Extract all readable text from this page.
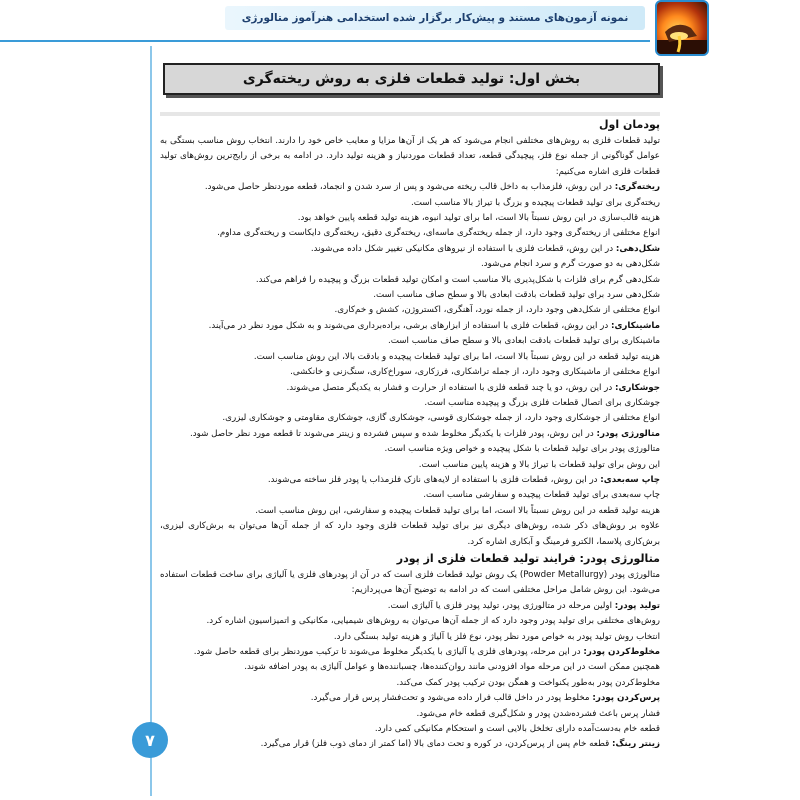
نمونه آزمون‌های مستند و پیش‌کار برگزار شده استخدامی هنرآموز متالورژی
۷
بخش اول: تولید قطعات فلزی به روش ریخته‌گری
پودمان اول

تولید قطعات فلزی به روش‌های مختلفی انجام می‌شود که هر یک از آن‌ها مزایا و معایب خاص خود را دارند. انتخاب روش مناسب بستگی به عوامل گوناگونی از جمله نوع فلز، پیچیدگی قطعه، تعداد قطعات موردنیاز و هزینه تولید دارد. در ادامه به برخی از رایج‌ترین روش‌های تولید قطعات فلزی اشاره می‌کنیم:

ریخته‌گری: در این روش، فلزمذاب به داخل قالب ریخته می‌شود و پس از سرد شدن و انجماد، قطعه موردنظر حاصل می‌شود.

ریخته‌گری برای تولید قطعات پیچیده و بزرگ با تیراژ بالا مناسب است.

هزینه قالب‌سازی در این روش نسبتاً بالا است، اما برای تولید انبوه، هزینه تولید قطعه پایین خواهد بود.

انواع مختلفی از ریخته‌گری وجود دارد، از جمله ریخته‌گری ماسه‌ای، ریخته‌گری دقیق، ریخته‌گری دایکاست و ریخته‌گری مداوم.

شکل‌دهی: در این روش، قطعات فلزی با استفاده از نیروهای مکانیکی تغییر شکل داده می‌شوند.

شکل‌دهی به دو صورت گرم و سرد انجام می‌شود.

شکل‌دهی گرم برای فلزات با شکل‌پذیری بالا مناسب است و امکان تولید قطعات بزرگ و پیچیده را فراهم می‌کند.

شکل‌دهی سرد برای تولید قطعات بادقت ابعادی بالا و سطح صاف مناسب است.

انواع مختلفی از شکل‌دهی وجود دارد، از جمله نورد، آهنگری، اکستروژن، کشش و خم‌کاری.

ماشینکاری: در این روش، قطعات فلزی با استفاده از ابزارهای برشی، براده‌برداری می‌شوند و به شکل مورد نظر در می‌آیند.

ماشینکاری برای تولید قطعات بادقت ابعادی بالا و سطح صاف مناسب است.

هزینه تولید قطعه در این روش نسبتاً بالا است، اما برای تولید قطعات پیچیده و بادقت بالا، این روش مناسب است.

انواع مختلفی از ماشینکاری وجود دارد، از جمله تراشکاری، فرزکاری، سوراخ‌کاری، سنگ‌زنی و خانکشی.

جوشکاری: در این روش، دو یا چند قطعه فلزی با استفاده از حرارت و فشار به یکدیگر متصل می‌شوند.

جوشکاری برای اتصال قطعات فلزی بزرگ و پیچیده مناسب است.

انواع مختلفی از جوشکاری وجود دارد، از جمله جوشکاری قوسی، جوشکاری گازی، جوشکاری مقاومتی و جوشکاری لیزری.

متالورژی پودر: در این روش، پودر فلزات با یکدیگر مخلوط شده و سپس فشرده و زینتر می‌شوند تا قطعه مورد نظر حاصل شود.

متالورژی پودر برای تولید قطعات با شکل پیچیده و خواص ویژه مناسب است.

این روش برای تولید قطعات با تیراژ بالا و هزینه پایین مناسب است.

چاپ سه‌بعدی: در این روش، قطعات فلزی با استفاده از لایه‌های نازک فلزمذاب یا پودر فلز ساخته می‌شوند.

چاپ سه‌بعدی برای تولید قطعات پیچیده و سفارشی مناسب است.

هزینه تولید قطعه در این روش نسبتاً بالا است، اما برای تولید قطعات پیچیده و سفارشی، این روش مناسب است.

علاوه بر روش‌های ذکر شده، روش‌های دیگری نیز برای تولید قطعات فلزی وجود دارد که از جمله آن‌ها می‌توان به برش‌کاری لیزری، برش‌کاری پلاسما، الکترو فرمینگ و آبکاری اشاره کرد.

متالورژی پودر: فرایند تولید قطعات فلزی از پودر

متالورژی پودر (Powder Metallurgy) یک روش تولید قطعات فلزی است که در آن از پودرهای فلزی یا آلیاژی برای ساخت قطعات استفاده می‌شود. این روش شامل مراحل مختلفی است که در ادامه به توضیح آن‌ها می‌پردازیم:

تولید پودر: اولین مرحله در متالورژی پودر، تولید پودر فلزی یا آلیاژی است.

روش‌های مختلفی برای تولید پودر وجود دارد که از جمله آن‌ها می‌توان به روش‌های شیمیایی، مکانیکی و اتمیزاسیون اشاره کرد.

انتخاب روش تولید پودر به خواص مورد نظر پودر، نوع فلز یا آلیاژ و هزینه تولید بستگی دارد.

مخلوط‌کردن پودر: در این مرحله، پودرهای فلزی یا آلیاژی با یکدیگر مخلوط می‌شوند تا ترکیب موردنظر برای قطعه حاصل شود.

همچنین ممکن است در این مرحله مواد افزودنی مانند روان‌کننده‌ها، چسباننده‌ها و عوامل آلیاژی به پودر اضافه شوند.

مخلوط‌کردن پودر به‌طور یکنواخت و همگن بودن ترکیب پودر کمک می‌کند.

پرس‌کردن پودر: مخلوط پودر در داخل قالب فرار داده می‌شود و تحت‌فشار پرس قرار می‌گیرد.

فشار پرس باعث فشرده‌شدن پودر و شکل‌گیری قطعه خام می‌شود.

قطعه خام به‌دست‌آمده دارای تخلخل بالایی است و استحکام مکانیکی کمی دارد.

زینتر رینگ: قطعه خام پس از پرس‌کردن، در کوره و تحت دمای بالا (اما کمتر از دمای ذوب فلز) قرار می‌گیرد.
